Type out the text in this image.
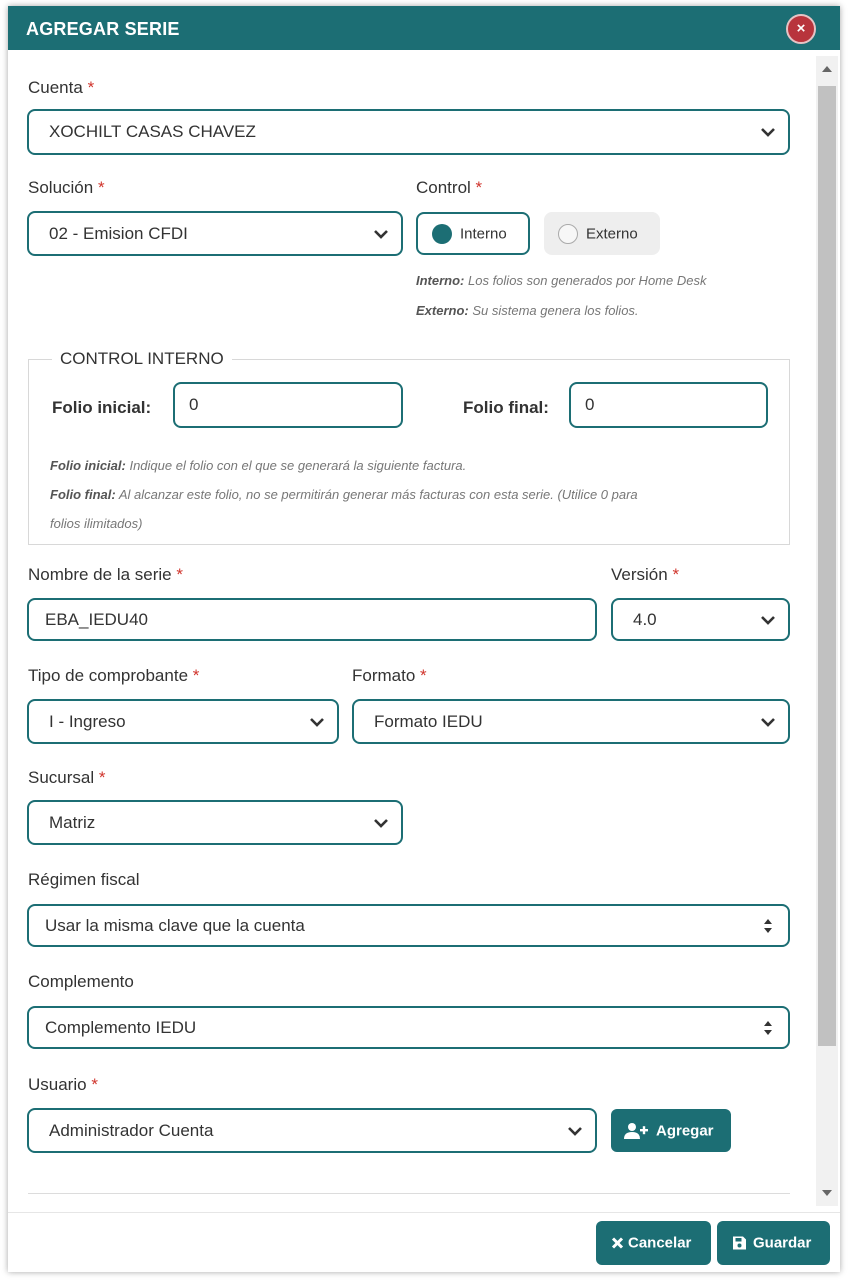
AGREGAR SERIE	×
Cuenta *
XOCHILT CASAS CHAVEZ
Solución *
02 - Emision CFDI
Control *
Interno	Externo
Interno: Los folios son generados por Home Desk
Externo: Su sistema genera los folios.
CONTROL INTERNO
Folio inicial: 0	Folio final: 0
Folio inicial: Indique el folio con el que se generará la siguiente factura.
Folio final: Al alcanzar este folio, no se permitirán generar más facturas con esta serie. (Utilice 0 para
folios ilimitados)
Nombre de la serie *
EBA_IEDU40
Versión *
4.0
Tipo de comprobante *
I - Ingreso
Formato *
Formato IEDU
Sucursal *
Matriz
Régimen fiscal
Usar la misma clave que la cuenta
Complemento
Complemento IEDU
Usuario *
Administrador Cuenta	Agregar
Cancelar	Guardar
